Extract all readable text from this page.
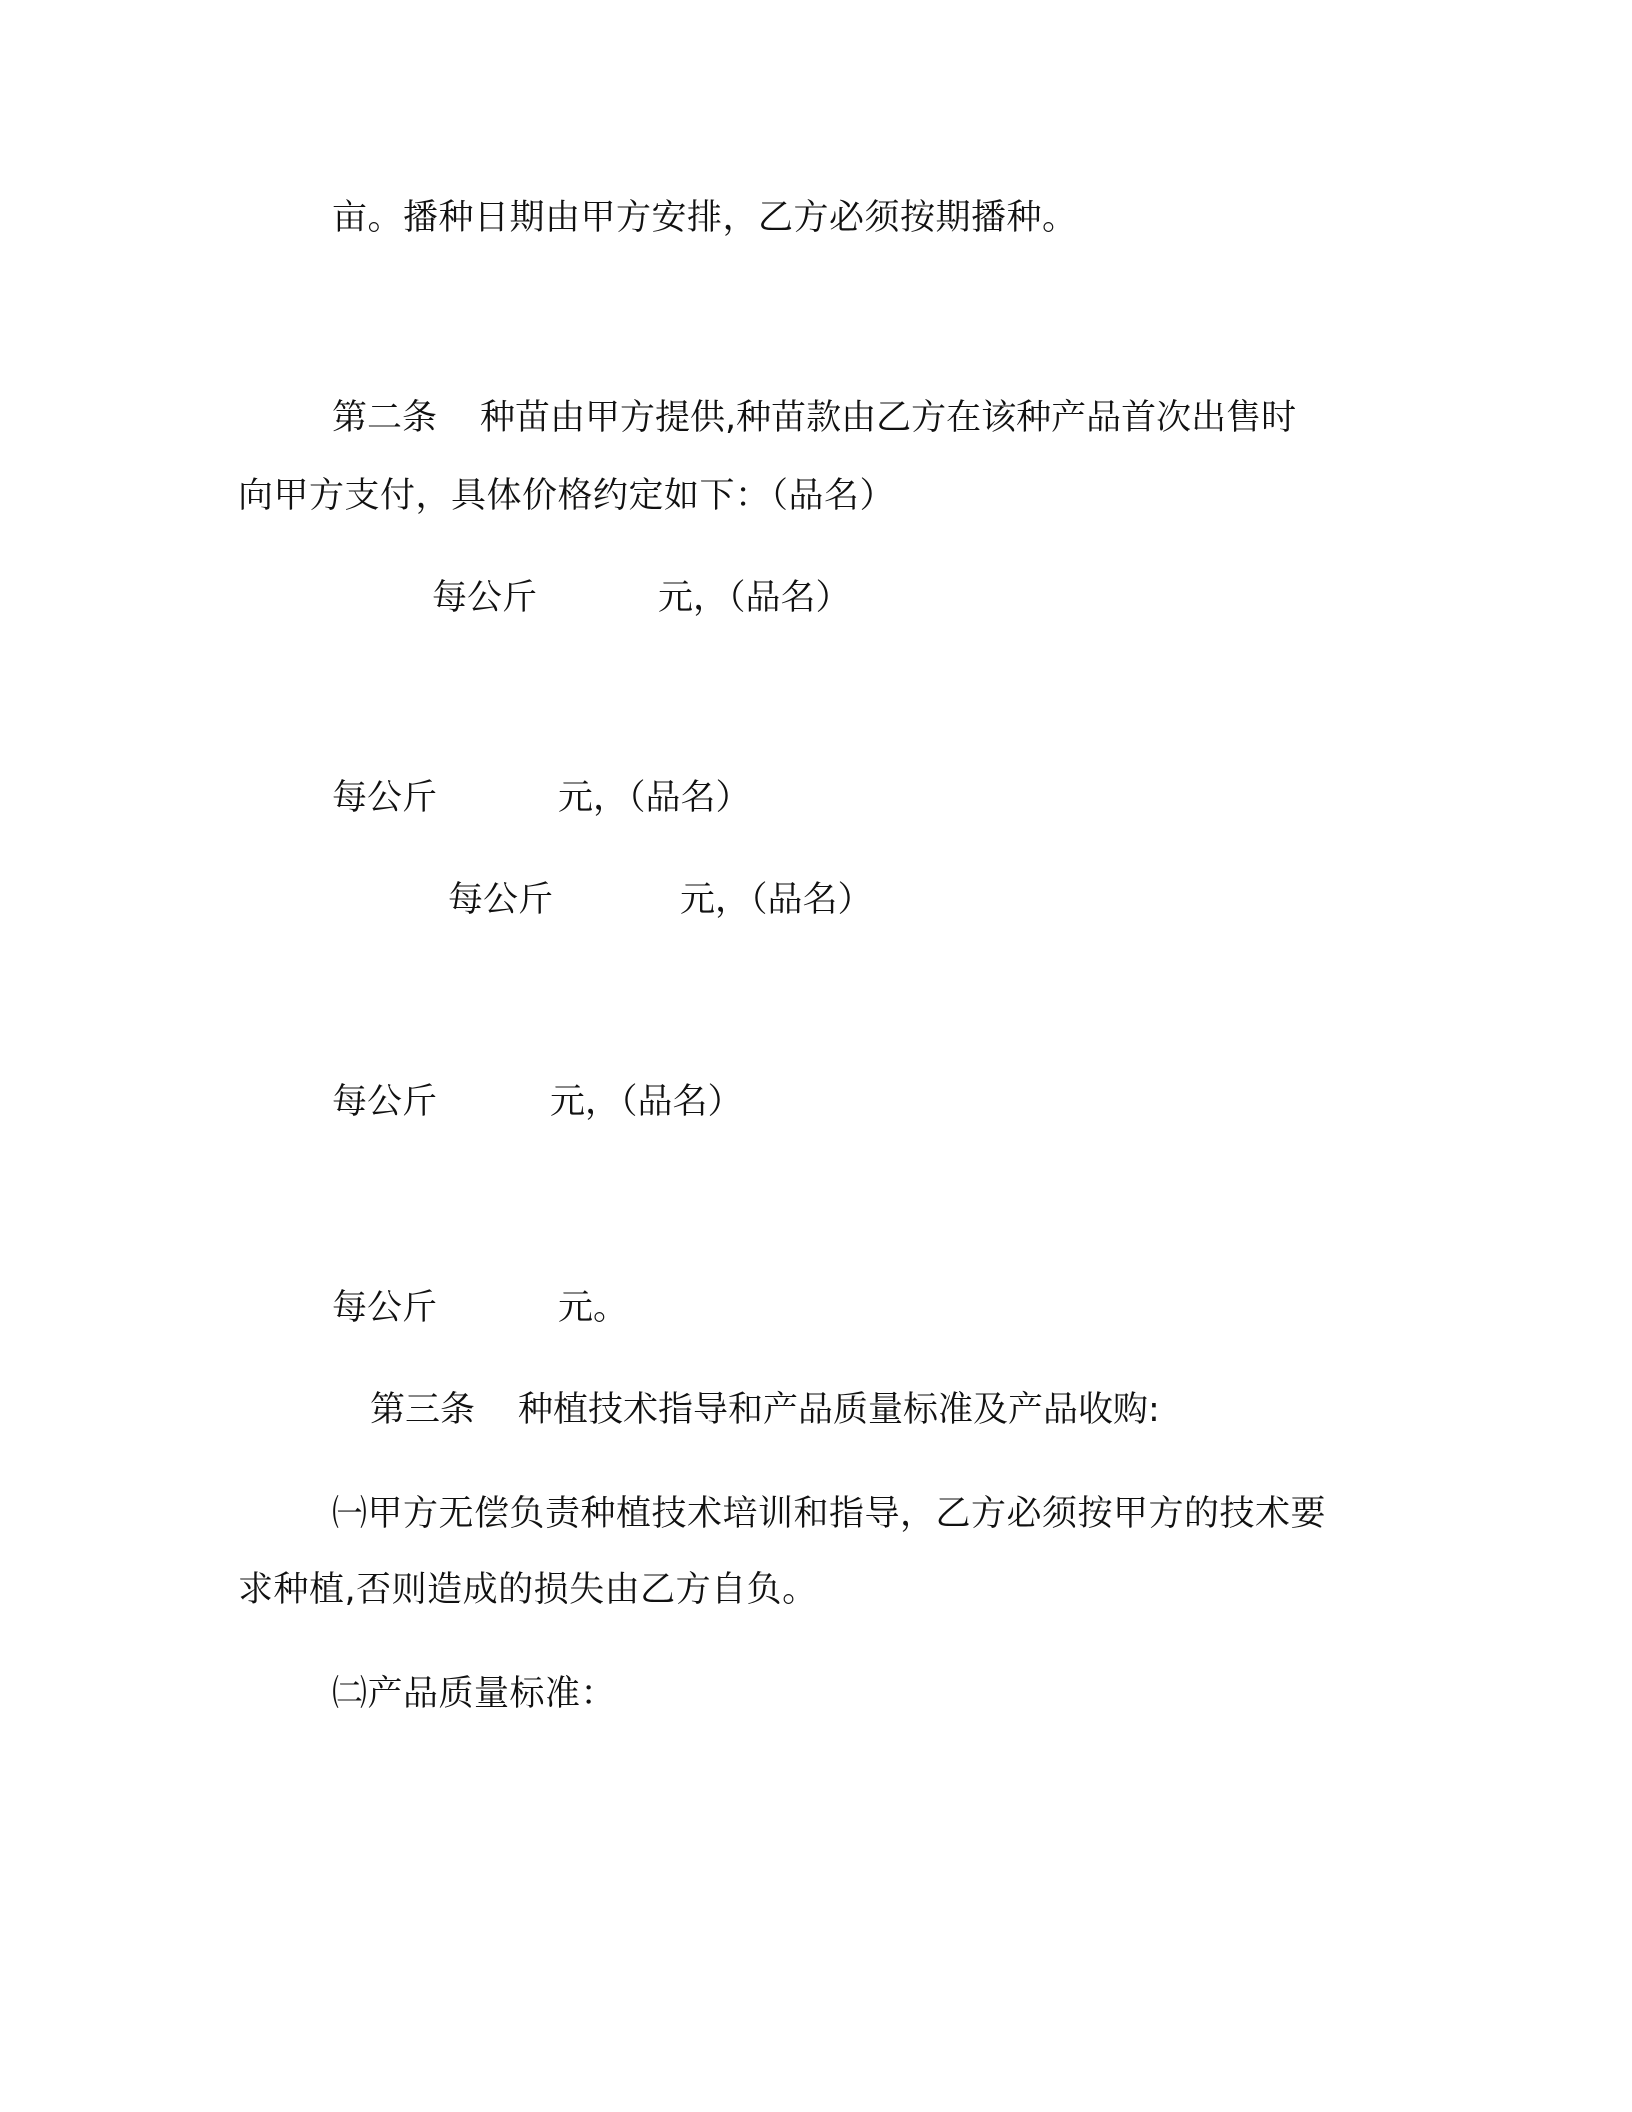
亩。播种日期由甲方安排，乙方必须按期播种。
第二条 种苗由甲方提供,种苗款由乙方在该种产品首次出售时
向甲方支付，具体价格约定如下：（品名）
每公斤	元，（品名）
每公斤	元，（品名）
每公斤	元，（品名）
每公斤	元，（品名）
每公斤	元。
第三条 种植技术指导和产品质量标准及产品收购:
㈠甲方无偿负责种植技术培训和指导，乙方必须按甲方的技术要
求种植,否则造成的损失由乙方自负。
㈡产品质量标准：
